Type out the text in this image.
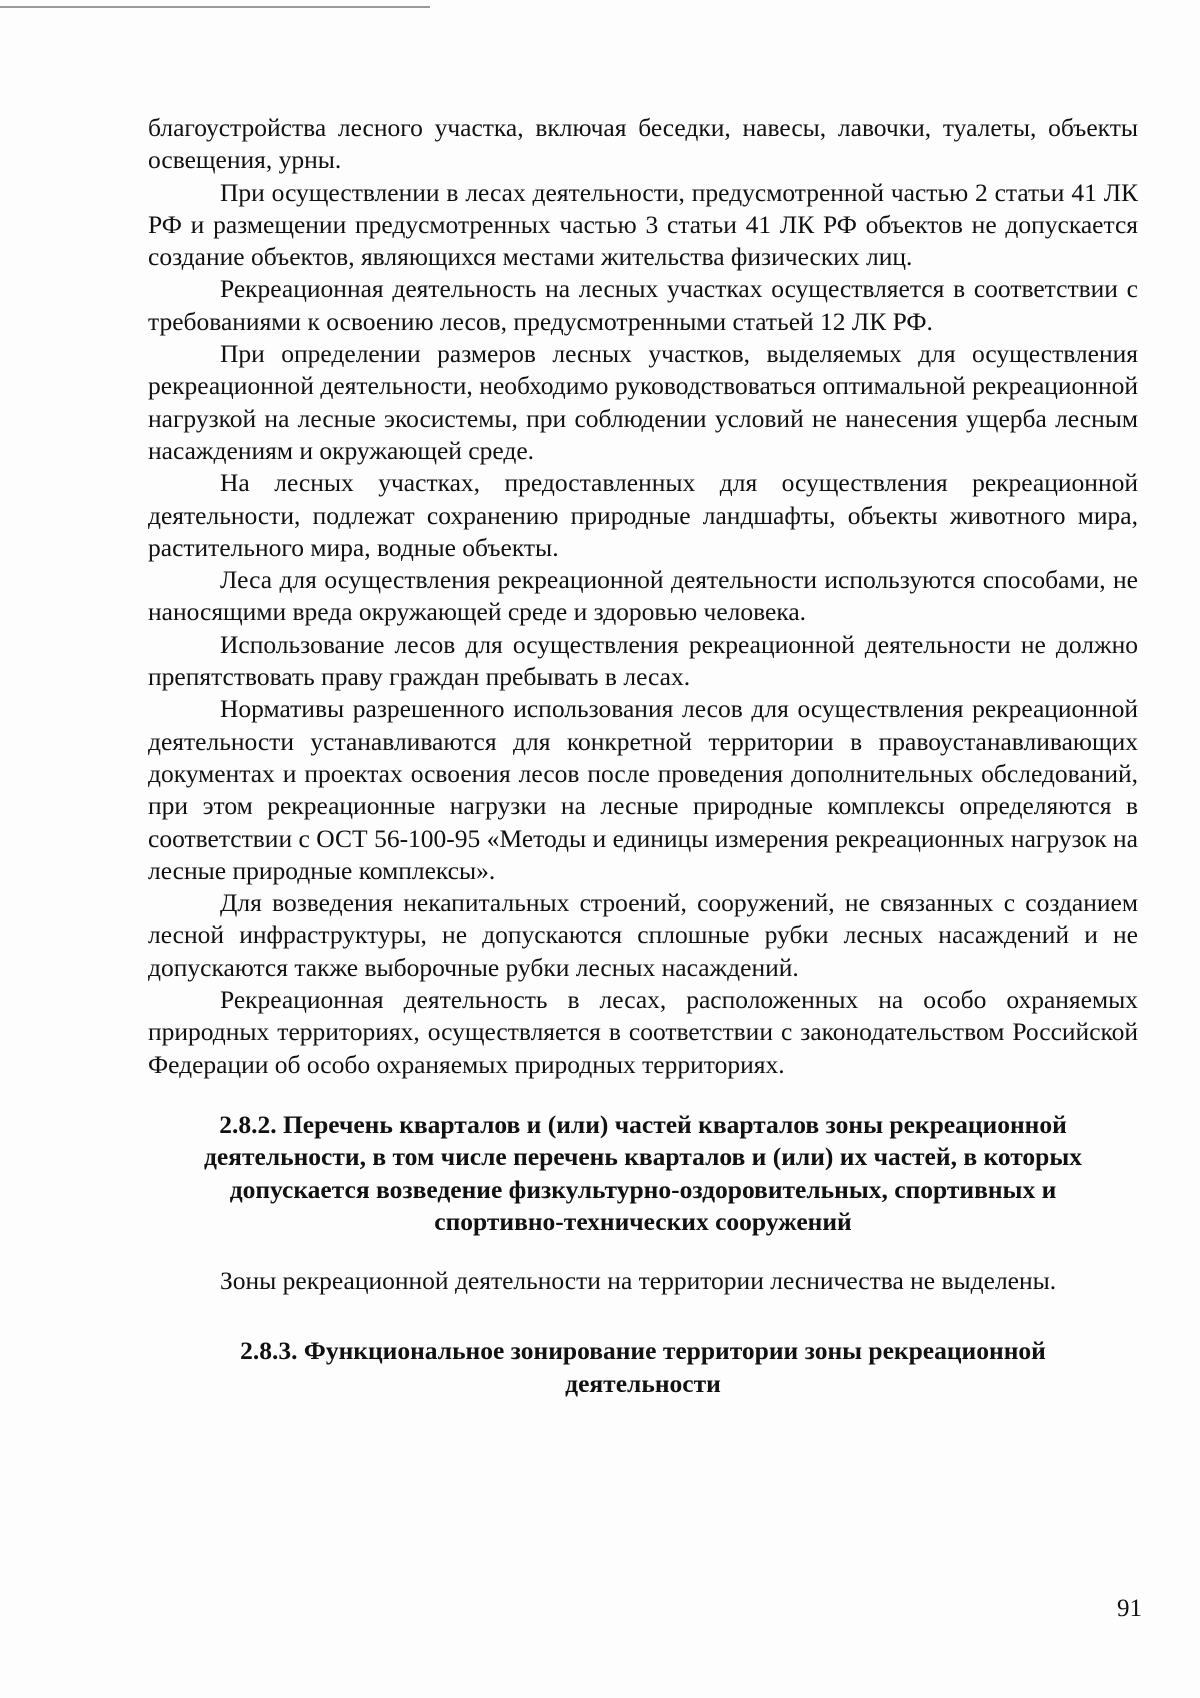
благоустройства лесного участка, включая беседки, навесы, лавочки, туалеты, объекты освещения, урны.

При осуществлении в лесах деятельности, предусмотренной частью 2 статьи 41 ЛК РФ и размещении предусмотренных частью 3 статьи 41 ЛК РФ объектов не допускается создание объектов, являющихся местами жительства физических лиц.

Рекреационная деятельность на лесных участках осуществляется в соответствии с требованиями к освоению лесов, предусмотренными статьей 12 ЛК РФ.

При определении размеров лесных участков, выделяемых для осуществления рекреационной деятельности, необходимо руководствоваться оптимальной рекреационной нагрузкой на лесные экосистемы, при соблюдении условий не нанесения ущерба лесным насаждениям и окружающей среде.

На лесных участках, предоставленных для осуществления рекреационной деятельности, подлежат сохранению природные ландшафты, объекты животного мира, растительного мира, водные объекты.

Леса для осуществления рекреационной деятельности используются способами, не наносящими вреда окружающей среде и здоровью человека.

Использование лесов для осуществления рекреационной деятельности не должно препятствовать праву граждан пребывать в лесах.

Нормативы разрешенного использования лесов для осуществления рекреационной деятельности устанавливаются для конкретной территории в правоустанавливающих документах и проектах освоения лесов после проведения дополнительных обследований, при этом рекреационные нагрузки на лесные природные комплексы определяются в соответствии с ОСТ 56-100-95 «Методы и единицы измерения рекреационных нагрузок на лесные природные комплексы».

Для возведения некапитальных строений, сооружений, не связанных с созданием лесной инфраструктуры, не допускаются сплошные рубки лесных насаждений и не допускаются также выборочные рубки лесных насаждений.

Рекреационная деятельность в лесах, расположенных на особо охраняемых природных территориях, осуществляется в соответствии с законодательством Российской Федерации об особо охраняемых природных территориях.

2.8.2. Перечень кварталов и (или) частей кварталов зоны рекреационной деятельности, в том числе перечень кварталов и (или) их частей, в которых допускается возведение физкультурно-оздоровительных, спортивных и спортивно-технических сооружений

Зоны рекреационной деятельности на территории лесничества не выделены.

2.8.3. Функциональное зонирование территории зоны рекреационной деятельности
91
